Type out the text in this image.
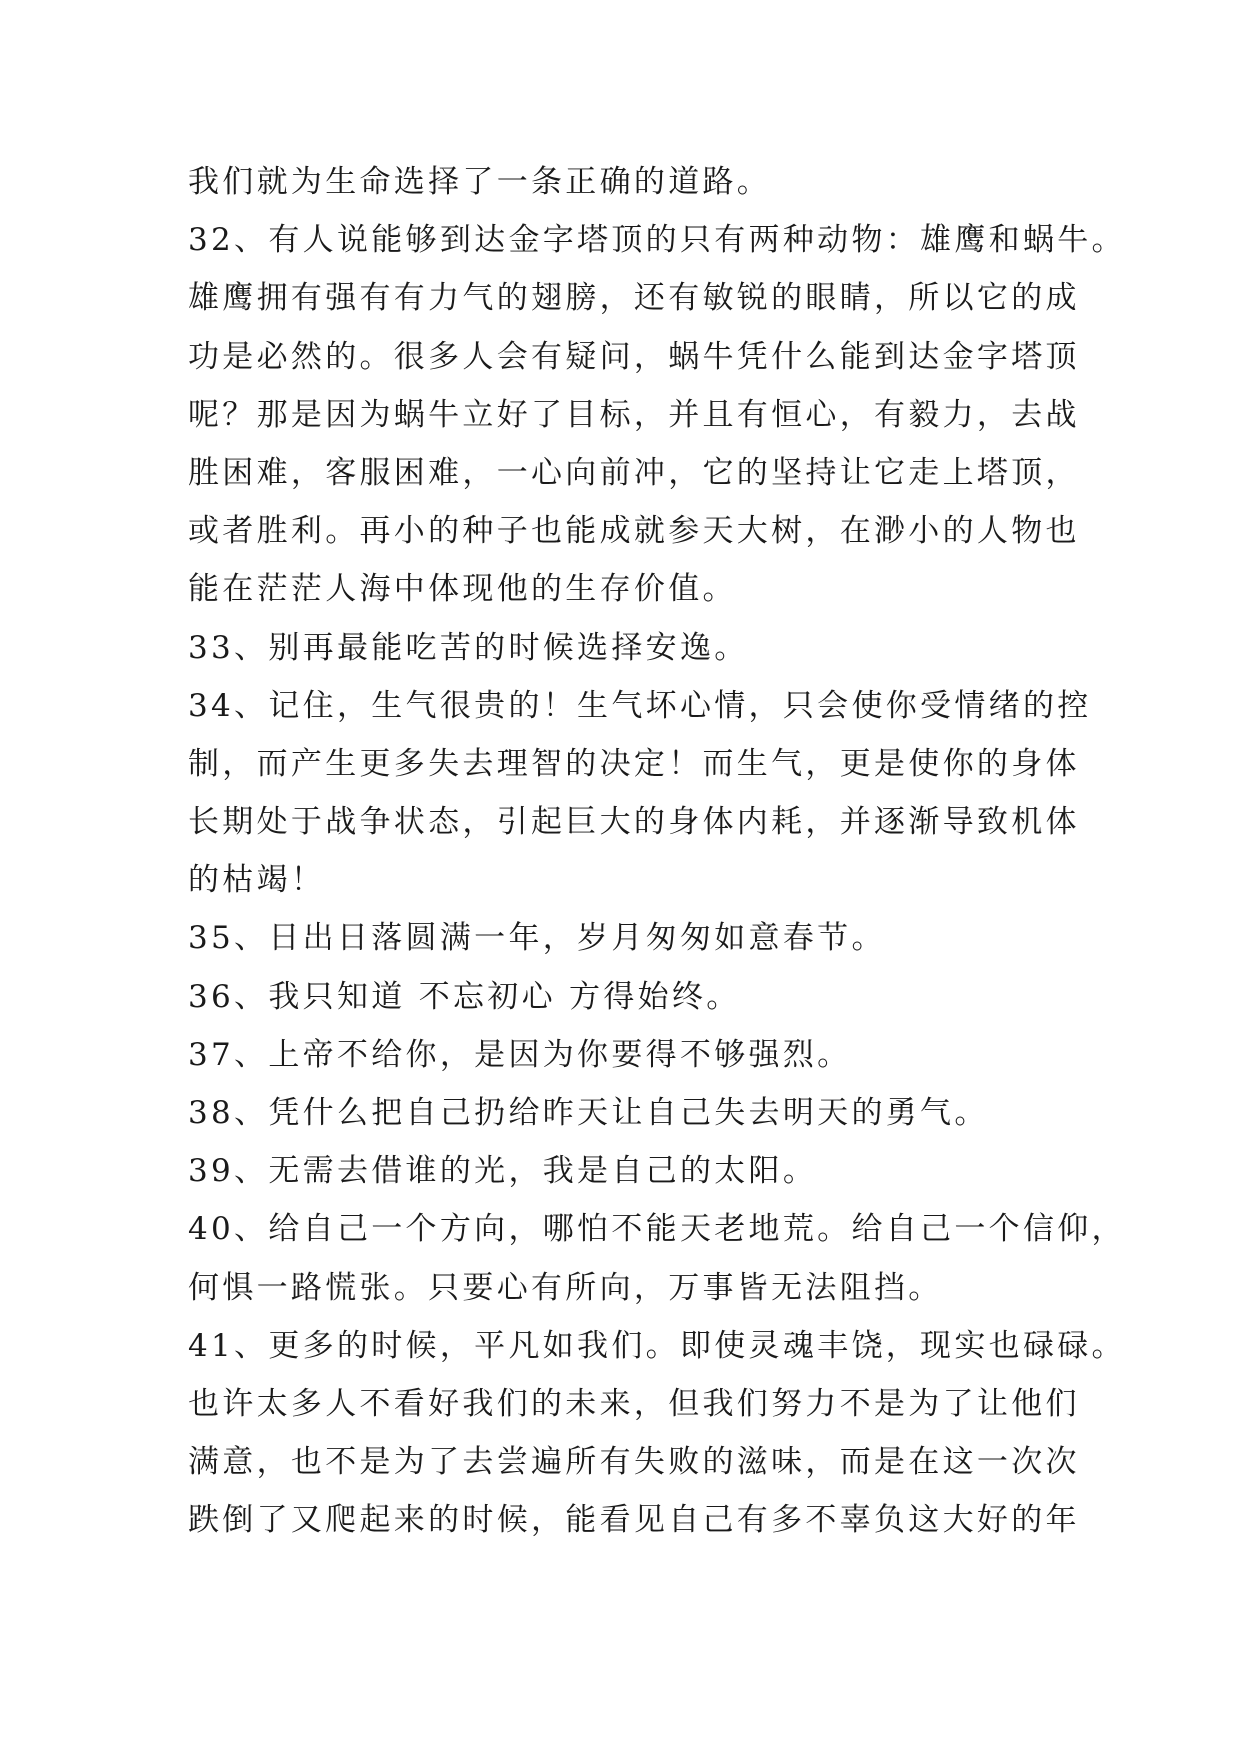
我们就为生命选择了一条正确的道路。
32、有人说能够到达金字塔顶的只有两种动物：雄鹰和蜗牛。
雄鹰拥有强有有力气的翅膀，还有敏锐的眼睛，所以它的成
功是必然的。很多人会有疑问，蜗牛凭什么能到达金字塔顶
呢？那是因为蜗牛立好了目标，并且有恒心，有毅力，去战
胜困难，客服困难，一心向前冲，它的坚持让它走上塔顶，
或者胜利。再小的种子也能成就参天大树，在渺小的人物也
能在茫茫人海中体现他的生存价值。
33、别再最能吃苦的时候选择安逸。
34、记住，生气很贵的！生气坏心情，只会使你受情绪的控
制，而产生更多失去理智的决定！而生气，更是使你的身体
长期处于战争状态，引起巨大的身体内耗，并逐渐导致机体
的枯竭！
35、日出日落圆满一年，岁月匆匆如意春节。
36、我只知道 不忘初心 方得始终。
37、上帝不给你，是因为你要得不够强烈。
38、凭什么把自己扔给昨天让自己失去明天的勇气。
39、无需去借谁的光，我是自己的太阳。
40、给自己一个方向，哪怕不能天老地荒。给自己一个信仰，
何惧一路慌张。只要心有所向，万事皆无法阻挡。
41、更多的时候，平凡如我们。即使灵魂丰饶，现实也碌碌。
也许太多人不看好我们的未来，但我们努力不是为了让他们
满意，也不是为了去尝遍所有失败的滋味，而是在这一次次
跌倒了又爬起来的时候，能看见自己有多不辜负这大好的年
